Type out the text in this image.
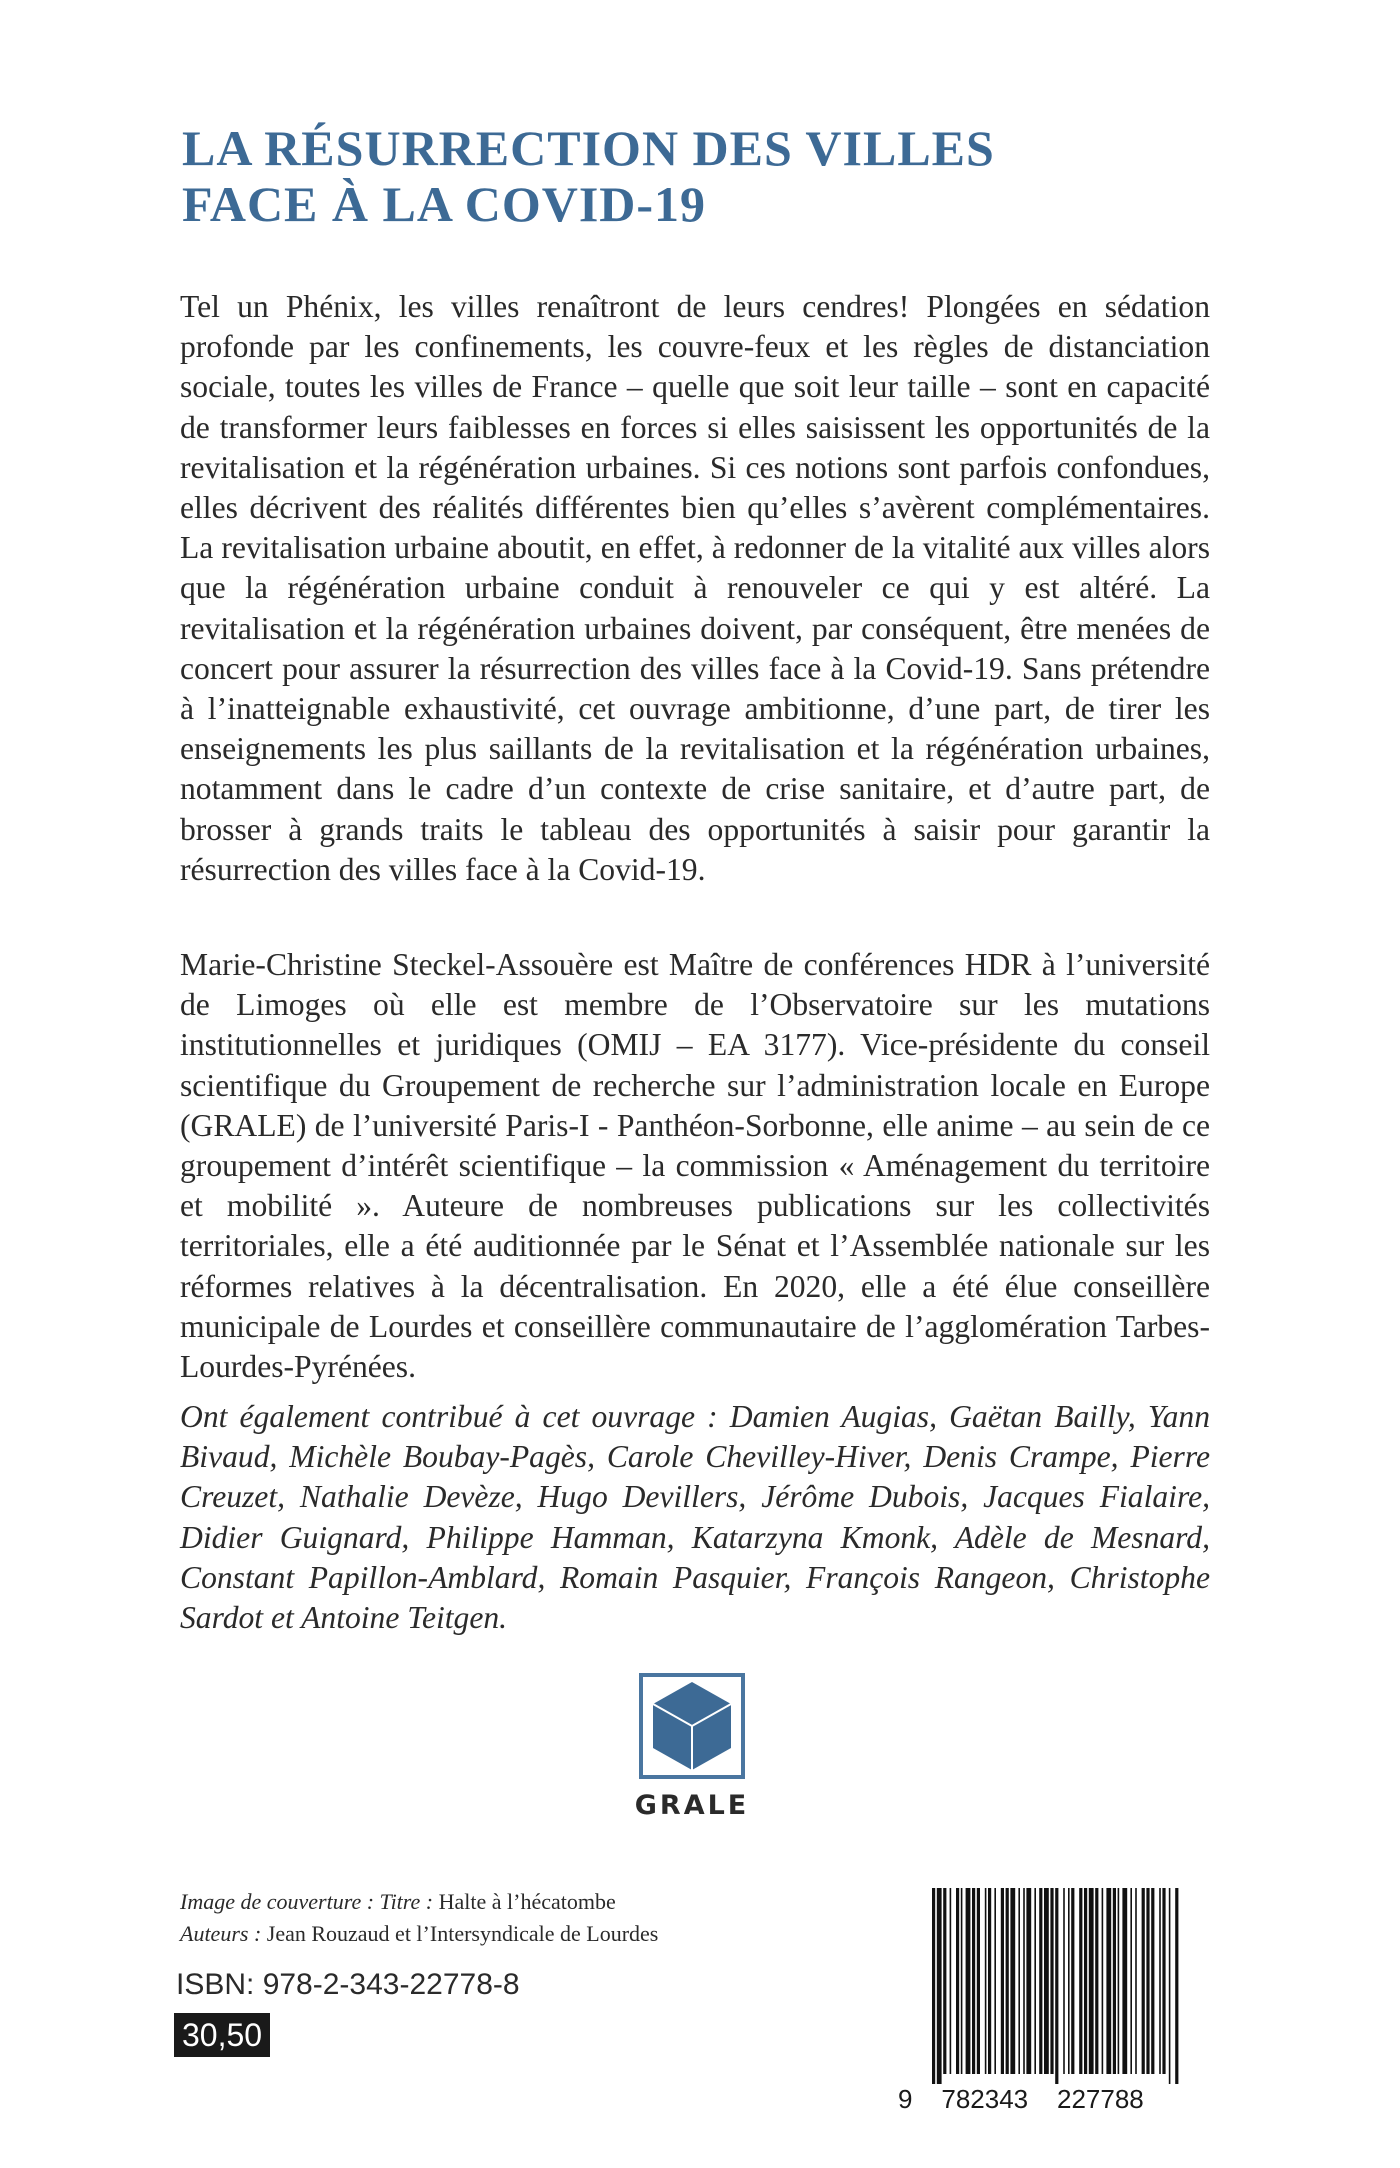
LA RÉSURRECTION DES VILLES
FACE À LA COVID-19

Tel un Phénix, les villes renaîtront de leurs cendres! Plongées en sédation profonde par les confinements, les couvre-feux et les règles de distanciation sociale, toutes les villes de France – quelle que soit leur taille – sont en capacité de transformer leurs faiblesses en forces si elles saisissent les opportunités de la revitalisation et la régénération urbaines. Si ces notions sont parfois confondues, elles décrivent des réalités différentes bien qu’elles s’avèrent complémentaires. La revitalisation urbaine aboutit, en effet, à redonner de la vitalité aux villes alors que la régénération urbaine conduit à renouveler ce qui y est altéré. La revitalisation et la régénération urbaines doivent, par conséquent, être menées de concert pour assurer la résurrection des villes face à la Covid-19. Sans prétendre à l’inatteignable exhaustivité, cet ouvrage ambitionne, d’une part, de tirer les enseignements les plus saillants de la revitalisation et la régénération urbaines, notamment dans le cadre d’un contexte de crise sanitaire, et d’autre part, de brosser à grands traits le tableau des opportunités à saisir pour garantir la résurrection des villes face à la Covid-19.

Marie-Christine Steckel-Assouère est Maître de conférences HDR à l’université de Limoges où elle est membre de l’Observatoire sur les mutations institutionnelles et juridiques (OMIJ – EA 3177). Vice-présidente du conseil scientifique du Groupement de recherche sur l’administration locale en Europe (GRALE) de l’université Paris-I - Panthéon-Sorbonne, elle anime – au sein de ce groupement d’intérêt scientifique – la commission « Aménagement du territoire et mobilité ». Auteure de nombreuses publications sur les collectivités territoriales, elle a été auditionnée par le Sénat et l’Assemblée nationale sur les réformes relatives à la décentralisation. En 2020, elle a été élue conseillère municipale de Lourdes et conseillère communautaire de l’agglomération Tarbes-Lourdes-Pyrénées.

Ont également contribué à cet ouvrage : Damien Augias, Gaëtan Bailly, Yann Bivaud, Michèle Boubay-Pagès, Carole Chevilley-Hiver, Denis Crampe, Pierre Creuzet, Nathalie Devèze, Hugo Devillers, Jérôme Dubois, Jacques Fialaire, Didier Guignard, Philippe Hamman, Katarzyna Kmonk, Adèle de Mesnard, Constant Papillon-Amblard, Romain Pasquier, François Rangeon, Christophe Sardot et Antoine Teitgen.

GRALE
Image de couverture : Titre : Halte à l’hécatombe
Auteurs : Jean Rouzaud et l’Intersyndicale de Lourdes
ISBN: 978-2-343-22778-8
30,50
9    782343    227788
